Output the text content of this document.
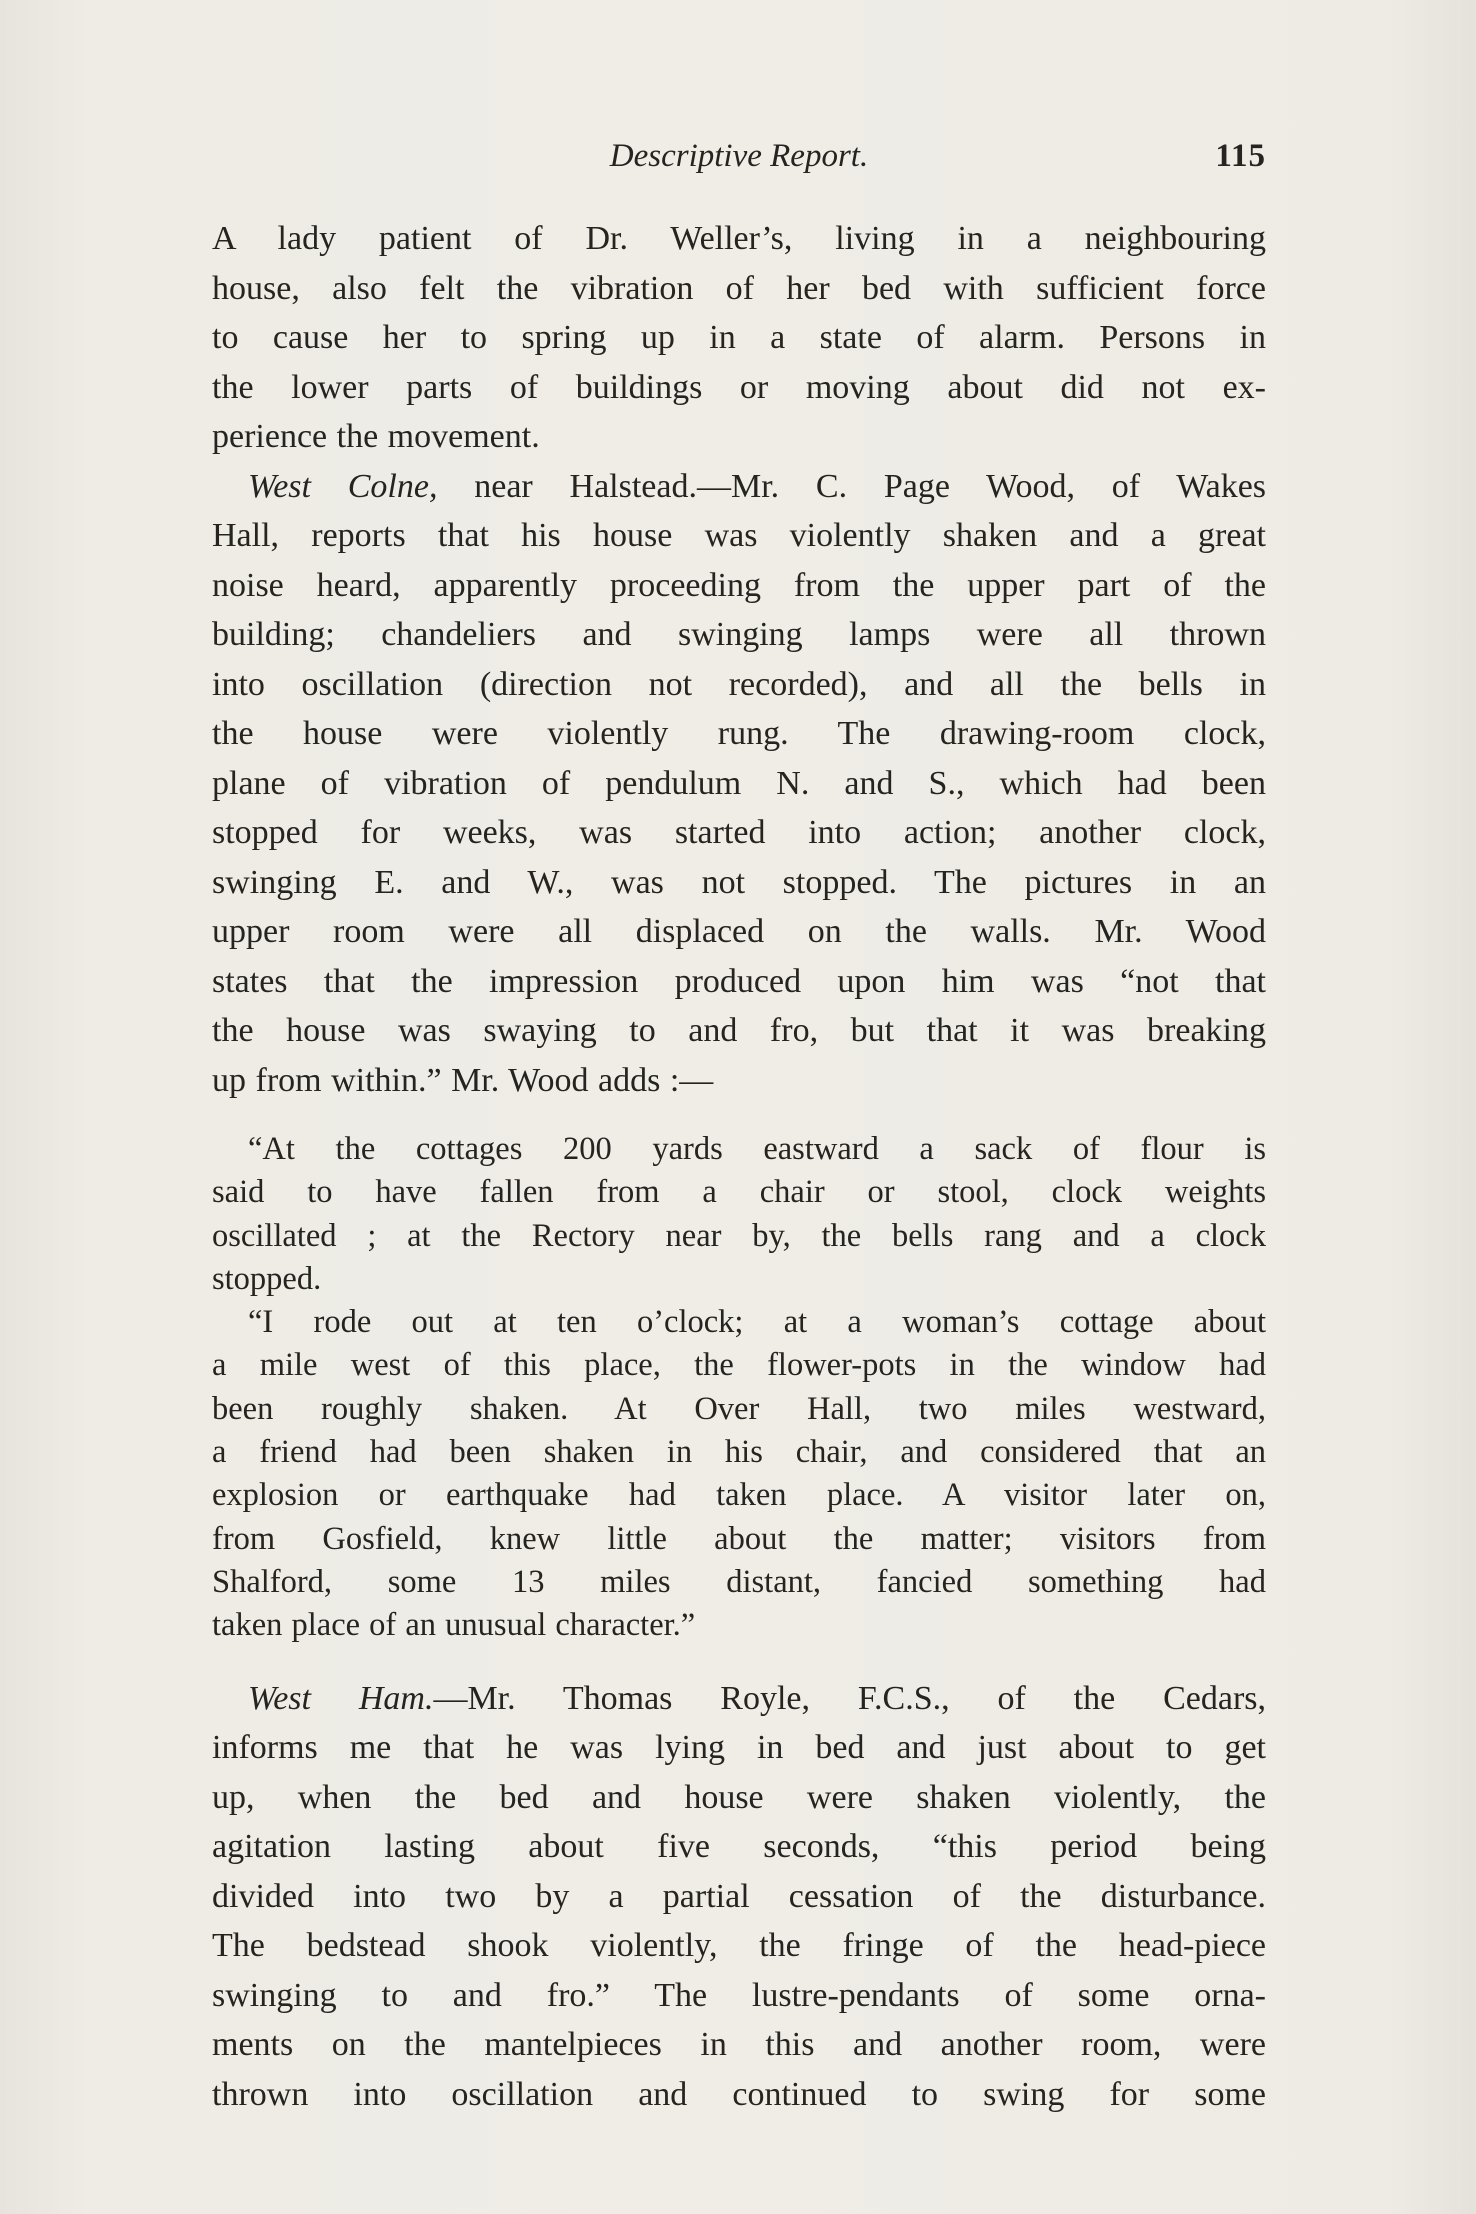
Descriptive Report.	115
A lady patient of Dr. Weller’s, living in a neighbouring
house, also felt the vibration of her bed with sufficient force
to cause her to spring up in a state of alarm. Persons in
the lower parts of buildings or moving about did not ex-
perience the movement.
West Colne, near Halstead.—Mr. C. Page Wood, of Wakes
Hall, reports that his house was violently shaken and a great
noise heard, apparently proceeding from the upper part of the
building; chandeliers and swinging lamps were all thrown
into oscillation (direction not recorded), and all the bells in
the house were violently rung. The drawing-room clock,
plane of vibration of pendulum N. and S., which had been
stopped for weeks, was started into action; another clock,
swinging E. and W., was not stopped. The pictures in an
upper room were all displaced on the walls. Mr. Wood
states that the impression produced upon him was “not that
the house was swaying to and fro, but that it was breaking
up from within.” Mr. Wood adds :—
“At the cottages 200 yards eastward a sack of flour is
said to have fallen from a chair or stool, clock weights
oscillated ; at the Rectory near by, the bells rang and a clock
stopped.
“I rode out at ten o’clock; at a woman’s cottage about
a mile west of this place, the flower-pots in the window had
been roughly shaken. At Over Hall, two miles westward,
a friend had been shaken in his chair, and considered that an
explosion or earthquake had taken place. A visitor later on,
from Gosfield, knew little about the matter; visitors from
Shalford, some 13 miles distant, fancied something had
taken place of an unusual character.”
West Ham.—Mr. Thomas Royle, F.C.S., of the Cedars,
informs me that he was lying in bed and just about to get
up, when the bed and house were shaken violently, the
agitation lasting about five seconds, “this period being
divided into two by a partial cessation of the disturbance.
The bedstead shook violently, the fringe of the head-piece
swinging to and fro.” The lustre-pendants of some orna-
ments on the mantelpieces in this and another room, were
thrown into oscillation and continued to swing for some
